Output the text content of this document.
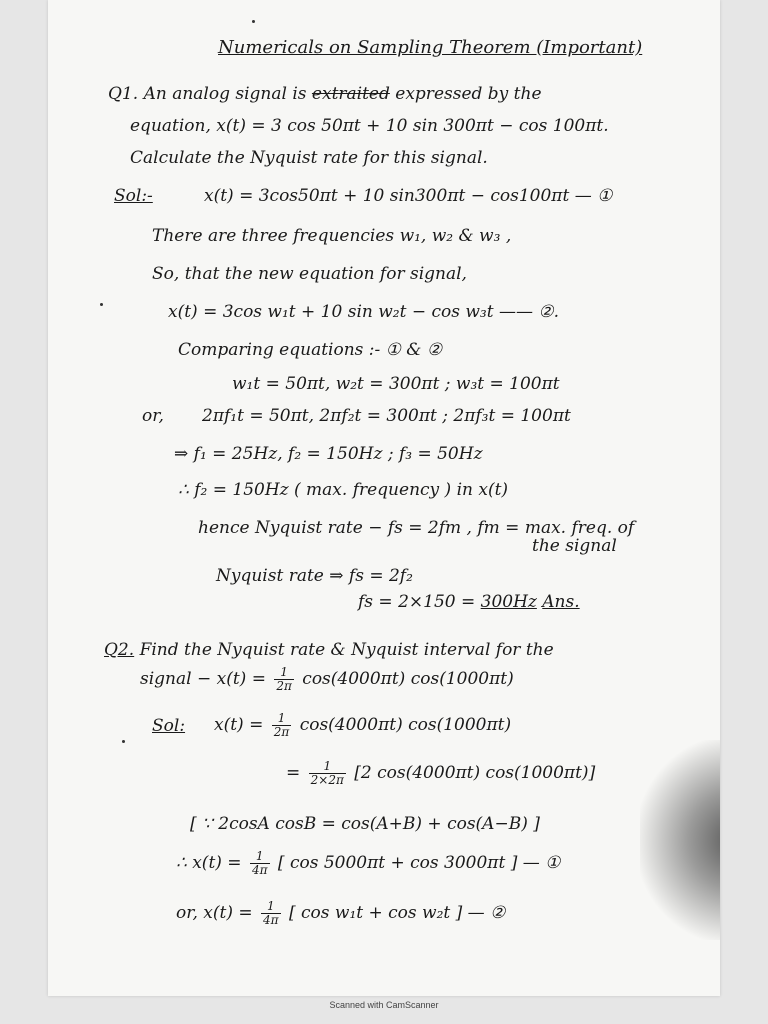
Numericals on Sampling Theorem (Important)
Q1. An analog signal is extraited expressed by the
equation, x(t) = 3 cos 50πt + 10 sin 300πt − cos 100πt.
Calculate the Nyquist rate for this signal.
Sol:-	x(t) = 3cos50πt + 10 sin300πt − cos100πt — ①
There are three frequencies w₁, w₂ & w₃ ,
So, that the new equation for signal,
x(t) = 3cos w₁t + 10 sin w₂t − cos w₃t —— ②.
Comparing equations :- ① & ②
w₁t = 50πt, w₂t = 300πt ; w₃t = 100πt
or, 2πf₁t = 50πt, 2πf₂t = 300πt ; 2πf₃t = 100πt
⇒ f₁ = 25Hz, f₂ = 150Hz ; f₃ = 50Hz
∴ f₂ = 150Hz ( max. frequency ) in x(t)
hence Nyquist rate − fs = 2fm , fm = max. freq. of
the signal
Nyquist rate ⇒ fs = 2f₂
fs = 2×150 = 300Hz Ans.
Q2. Find the Nyquist rate & Nyquist interval for the
signal − $x(t) = \frac{1}{2\pi} \cos(4000\pi t)$ cos(1000πt)
Sol: $x(t) = \frac{1}{2\pi} \cos(4000\pi t)$ cos(1000πt)
= $\frac{1}{2\times 2\pi} [2$ cos(4000πt) cos(1000πt)]
[ ∵ 2cosA cosB = cos(A+B) + cos(A−B) ]
∴ $x(t) = \frac{1}{4\pi}$ [ cos 5000πt + cos 3000πt ] — ①
or, $x(t) = \frac{1}{4\pi}$ [ cos w₁t + cos w₂t ] — ②
Scanned with CamScanner
